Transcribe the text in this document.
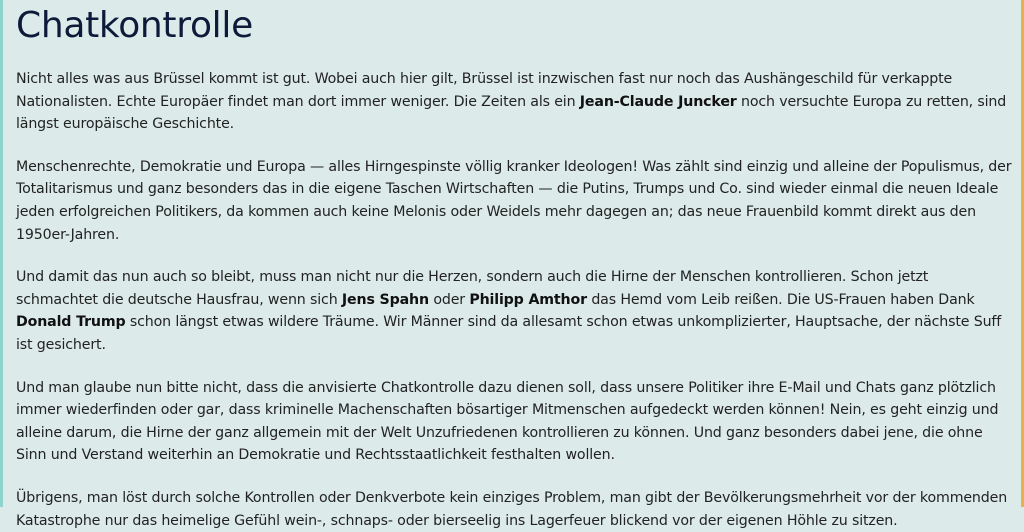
Chatkontrolle

Nicht alles was aus Brüssel kommt ist gut. Wobei auch hier gilt, Brüssel ist inzwischen fast nur noch das Aushängeschild für verkappte Nationalisten. Echte Europäer findet man dort immer weniger. Die Zeiten als ein Jean-Claude Juncker noch versuchte Europa zu retten, sind längst europäische Geschichte.

Menschenrechte, Demokratie und Europa — alles Hirngespinste völlig kranker Ideologen! Was zählt sind einzig und alleine der Populismus, der Totalitarismus und ganz besonders das in die eigene Taschen Wirtschaften — die Putins, Trumps und Co. sind wieder einmal die neuen Ideale jeden erfolgreichen Politikers, da kommen auch keine Melonis oder Weidels mehr dagegen an; das neue Frauenbild kommt direkt aus den 1950er-Jahren.

Und damit das nun auch so bleibt, muss man nicht nur die Herzen, sondern auch die Hirne der Menschen kontrollieren. Schon jetzt schmachtet die deutsche Hausfrau, wenn sich Jens Spahn oder Philipp Amthor das Hemd vom Leib reißen. Die US-Frauen haben Dank Donald Trump schon längst etwas wildere Träume. Wir Männer sind da allesamt schon etwas unkomplizierter, Hauptsache, der nächste Suff ist gesichert.

Und man glaube nun bitte nicht, dass die anvisierte Chatkontrolle dazu dienen soll, dass unsere Politiker ihre E-Mail und Chats ganz plötzlich immer wiederfinden oder gar, dass kriminelle Machenschaften bösartiger Mitmenschen aufgedeckt werden können! Nein, es geht einzig und alleine darum, die Hirne der ganz allgemein mit der Welt Unzufriedenen kontrollieren zu können. Und ganz besonders dabei jene, die ohne Sinn und Verstand weiterhin an Demokratie und Rechtsstaatlichkeit festhalten wollen.

Übrigens, man löst durch solche Kontrollen oder Denkverbote kein einziges Problem, man gibt der Bevölkerungsmehrheit vor der kommenden Katastrophe nur das heimelige Gefühl wein-, schnaps- oder bierseelig ins Lagerfeuer blickend vor der eigenen Höhle zu sitzen.
